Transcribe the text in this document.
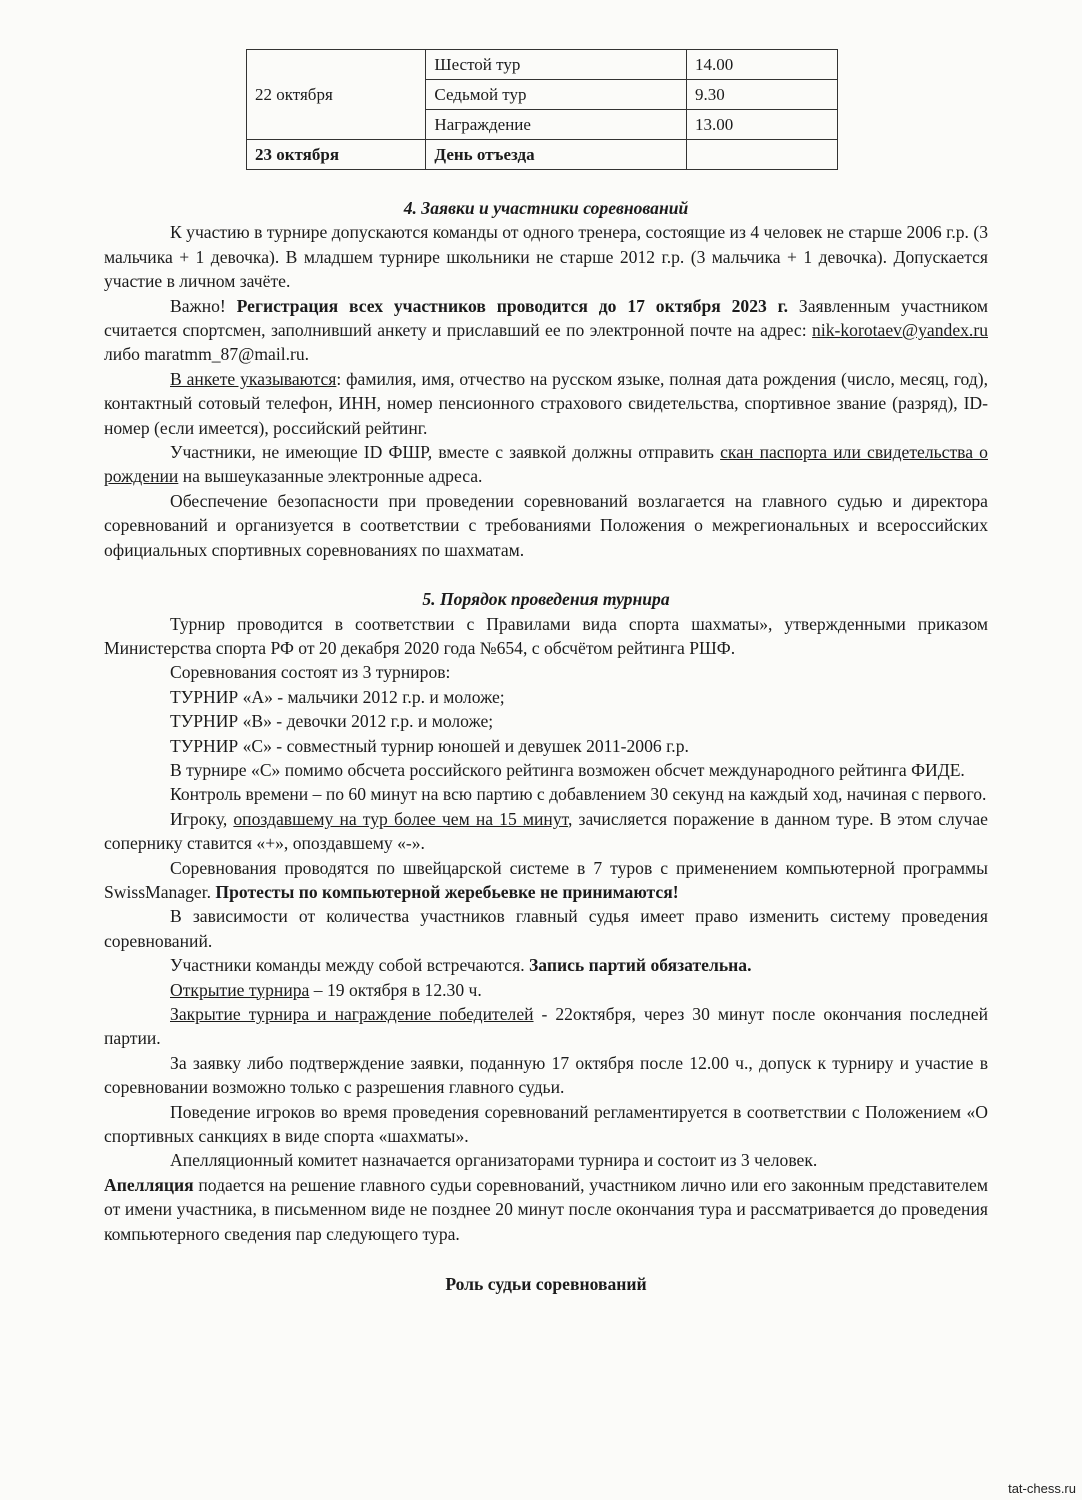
22 октября	Шестой тур	14.00
	Седьмой тур	9.30
	Награждение	13.00
23 октября	День отъезда	

4. Заявки и участники соревнований

К участию в турнире допускаются команды от одного тренера, состоящие из 4 человек не старше 2006 г.р. (3 мальчика + 1 девочка). В младшем турнире школьники не старше 2012 г.р. (3 мальчика + 1 девочка). Допускается участие в личном зачёте.

Важно! Регистрация всех участников проводится до 17 октября 2023 г. Заявленным участником считается спортсмен, заполнивший анкету и приславший ее по электронной почте на адрес: nik-korotaev@yandex.ru либо maratmm_87@mail.ru.

В анкете указываются: фамилия, имя, отчество на русском языке, полная дата рождения (число, месяц, год), контактный сотовый телефон, ИНН, номер пенсионного страхового свидетельства, спортивное звание (разряд), ID-номер (если имеется), российский рейтинг.

Участники, не имеющие ID ФШР, вместе с заявкой должны отправить скан паспорта или свидетельства о рождении на вышеуказанные электронные адреса.

Обеспечение безопасности при проведении соревнований возлагается на главного судью и директора соревнований и организуется в соответствии с требованиями Положения о межрегиональных и всероссийских официальных спортивных соревнованиях по шахматам.

5. Порядок проведения турнира

Турнир проводится в соответствии с Правилами вида спорта шахматы», утвержденными приказом Министерства спорта РФ от 20 декабря 2020 года №654, с обсчётом рейтинга РШФ.

Соревнования состоят из 3 турниров:

ТУРНИР «А» - мальчики 2012 г.р. и моложе;

ТУРНИР «В» - девочки 2012 г.р. и моложе;

ТУРНИР «С» - совместный турнир юношей и девушек 2011-2006 г.р.

В турнире «С» помимо обсчета российского рейтинга возможен обсчет международного рейтинга ФИДЕ.

Контроль времени – по 60 минут на всю партию с добавлением 30 секунд на каждый ход, начиная с первого.

Игроку, опоздавшему на тур более чем на 15 минут, зачисляется поражение в данном туре. В этом случае сопернику ставится «+», опоздавшему «-».

Соревнования проводятся по швейцарской системе в 7 туров с применением компьютерной программы SwissManager. Протесты по компьютерной жеребьевке не принимаются!

В зависимости от количества участников главный судья имеет право изменить систему проведения соревнований.

Участники команды между собой встречаются. Запись партий обязательна.

Открытие турнира – 19 октября в 12.30 ч.

Закрытие турнира и награждение победителей - 22октября, через 30 минут после окончания последней партии.

За заявку либо подтверждение заявки, поданную 17 октября после 12.00 ч., допуск к турниру и участие в соревновании возможно только с разрешения главного судьи.

Поведение игроков во время проведения соревнований регламентируется в соответствии с Положением «О спортивных санкциях в виде спорта «шахматы».

Апелляционный комитет назначается организаторами турнира и состоит из 3 человек.

Апелляция подается на решение главного судьи соревнований, участником лично или его законным представителем от имени участника, в письменном виде не позднее 20 минут после окончания тура и рассматривается до проведения компьютерного сведения пар следующего тура.

Роль судьи соревнований

tat-chess.ru
